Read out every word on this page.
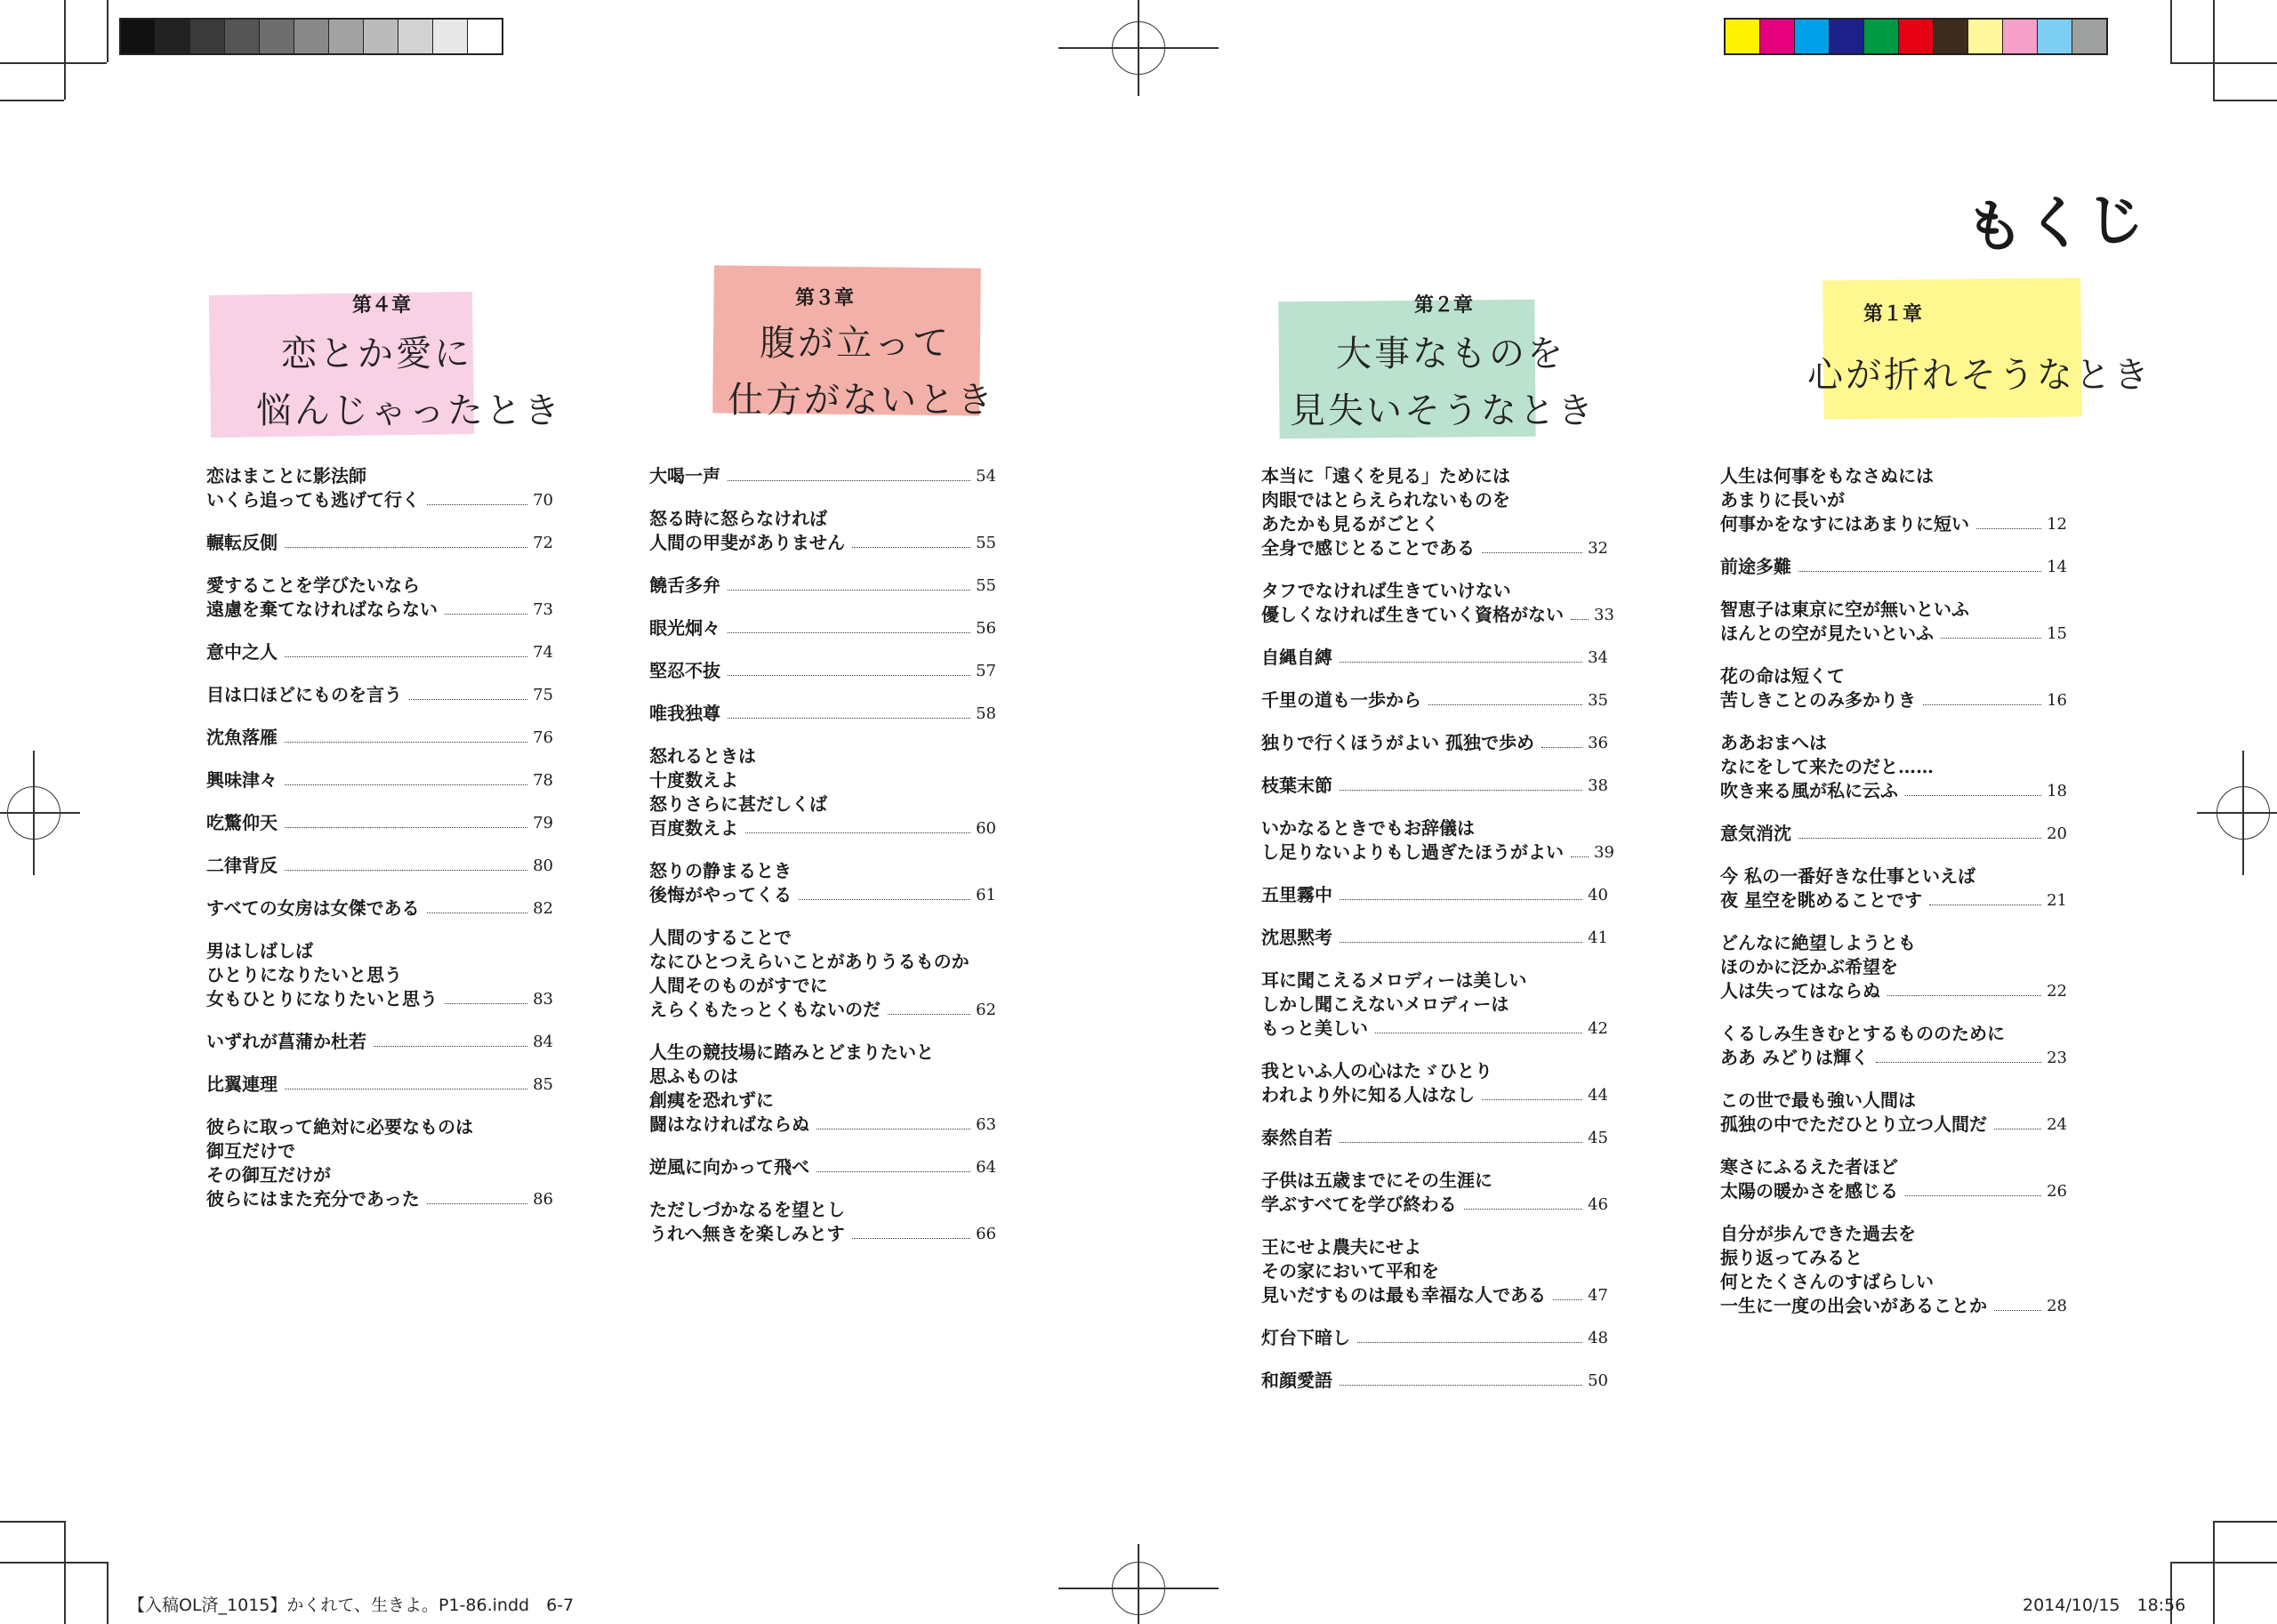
もくじ
第１章
心が折れそうなとき
第２章
大事なものを
見失いそうなとき
第３章
腹が立って
仕方がないとき
第４章
恋とか愛に
悩んじゃったとき
人生は何事をもなさぬには
あまりに長いが
何事かをなすにはあまりに短い	12
前途多難	14
智恵子は東京に空が無いといふ
ほんとの空が見たいといふ	15
花の命は短くて
苦しきことのみ多かりき	16
ああおまへは
なにをして来たのだと……
吹き来る風が私に云ふ	18
意気消沈	20
今 私の一番好きな仕事といえば
夜 星空を眺めることです	21
どんなに絶望しようとも
ほのかに泛かぶ希望を
人は失ってはならぬ	22
くるしみ生きむとするもののために
ああ みどりは輝く	23
この世で最も強い人間は
孤独の中でただひとり立つ人間だ	24
寒さにふるえた者ほど
太陽の暖かさを感じる	26
自分が歩んできた過去を
振り返ってみると
何とたくさんのすばらしい
一生に一度の出会いがあることか	28
本当に「遠くを見る」ためには
肉眼ではとらえられないものを
あたかも見るがごとく
全身で感じとることである	32
タフでなければ生きていけない
優しくなければ生きていく資格がない 33
自縄自縛	34
千里の道も一歩から	35
独りで行くほうがよい 孤独で歩め	36
枝葉末節	38
いかなるときでもお辞儀は
し足りないよりもし過ぎたほうがよい 39
五里霧中	40
沈思黙考	41
耳に聞こえるメロディーは美しい
しかし聞こえないメロディーは
もっと美しい	42
我といふ人の心はたゞひとり
われより外に知る人はなし	44
泰然自若	45
子供は五歳までにその生涯に
学ぶすべてを学び終わる	46
王にせよ農夫にせよ
その家において平和を
見いだすものは最も幸福な人である	47
灯台下暗し	48
和顔愛語	50
大喝一声	54
怒る時に怒らなければ
人間の甲斐がありません	55
饒舌多弁	55
眼光炯々	56
堅忍不抜	57
唯我独尊	58
怒れるときは
十度数えよ
怒りさらに甚だしくば
百度数えよ	60
怒りの静まるとき
後悔がやってくる	61
人間のすることで
なにひとつえらいことがありうるものか
人間そのものがすでに
えらくもたっとくもないのだ	62
人生の競技場に踏みとどまりたいと
思ふものは
創痍を恐れずに
闘はなければならぬ	63
逆風に向かって飛べ	64
ただしづかなるを望とし
うれへ無きを楽しみとす	66
恋はまことに影法師
いくら追っても逃げて行く	70
輾転反側	72
愛することを学びたいなら
遠慮を棄てなければならない	73
意中之人	74
目は口ほどにものを言う	75
沈魚落雁	76
興味津々	78
吃驚仰天	79
二律背反	80
すべての女房は女傑である	82
男はしばしば
ひとりになりたいと思う
女もひとりになりたいと思う	83
いずれが菖蒲か杜若	84
比翼連理	85
彼らに取って絶対に必要なものは
御互だけで
その御互だけが
彼らにはまた充分であった	86
【入稿OL済_1015】かくれて、生きよ。P1-86.indd　6-7	2014/10/15　18:56
